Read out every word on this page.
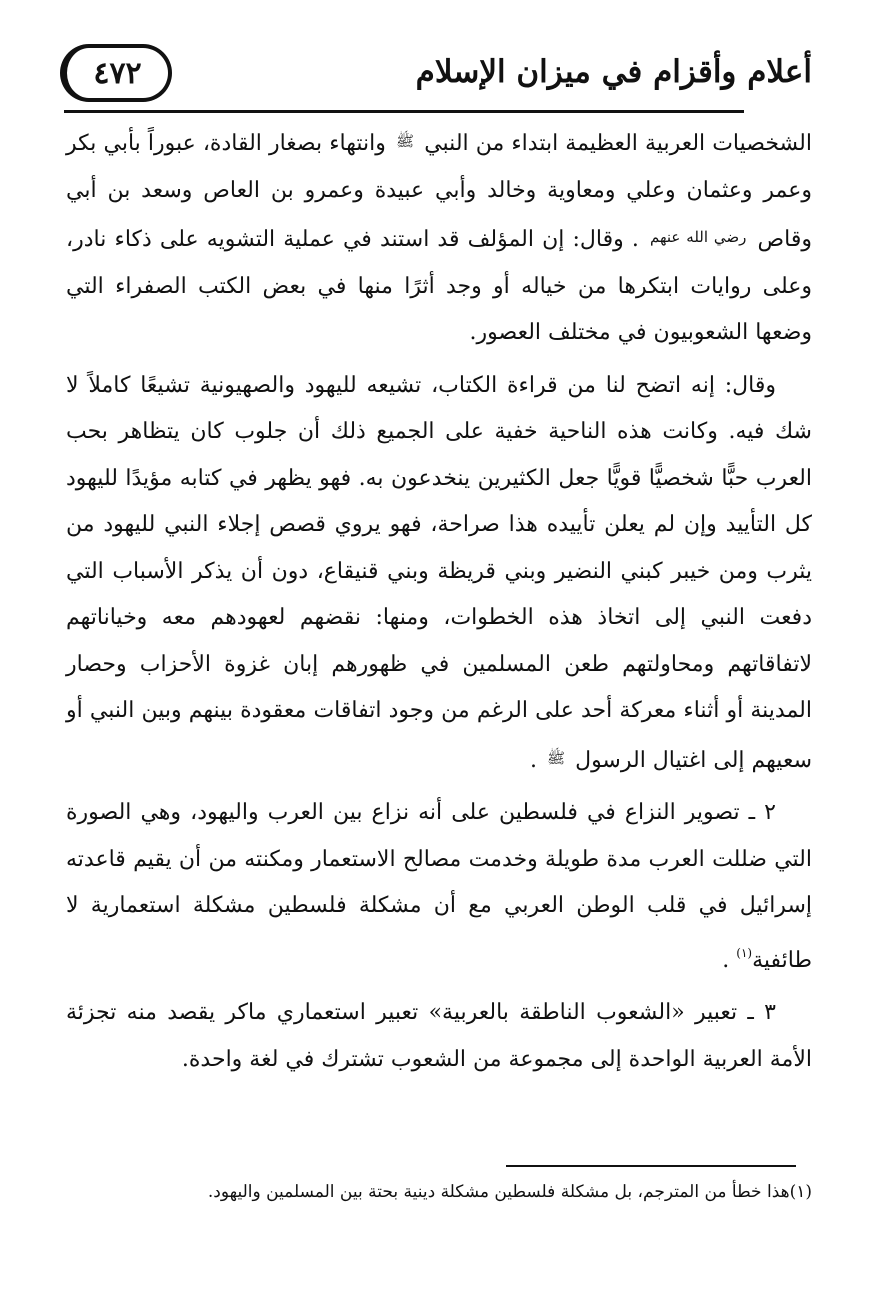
أعلام وأقزام في ميزان الإسلام
٤٧٢

الشخصيات العربية العظيمة ابتداء من النبي ﷺ وانتهاء بصغار القادة، عبوراً بأبي بكر وعمر وعثمان وعلي ومعاوية وخالد وأبي عبيدة وعمرو بن العاص وسعد بن أبي وقاص رضي الله عنهم . وقال: إن المؤلف قد استند في عملية التشويه على ذكاء نادر، وعلى روايات ابتكرها من خياله أو وجد أثرًا منها في بعض الكتب الصفراء التي وضعها الشعوبيون في مختلف العصور.

وقال: إنه اتضح لنا من قراءة الكتاب، تشيعه لليهود والصهيونية تشيعًا كاملاً لا شك فيه. وكانت هذه الناحية خفية على الجميع ذلك أن جلوب كان يتظاهر بحب العرب حبًّا شخصيًّا قويًّا جعل الكثيرين ينخدعون به. فهو يظهر في كتابه مؤيدًا لليهود كل التأييد وإن لم يعلن تأييده هذا صراحة، فهو يروي قصص إجلاء النبي لليهود من يثرب ومن خيبر كبني النضير وبني قريظة وبني قنيقاع، دون أن يذكر الأسباب التي دفعت النبي إلى اتخاذ هذه الخطوات، ومنها: نقضهم لعهودهم معه وخياناتهم لاتفاقاتهم ومحاولتهم طعن المسلمين في ظهورهم إبان غزوة الأحزاب وحصار المدينة أو أثناء معركة أحد على الرغم من وجود اتفاقات معقودة بينهم وبين النبي أو سعيهم إلى اغتيال الرسول ﷺ .

٢ ـ تصوير النزاع في فلسطين على أنه نزاع بين العرب واليهود، وهي الصورة التي ضللت العرب مدة طويلة وخدمت مصالح الاستعمار ومكنته من أن يقيم قاعدته إسرائيل في قلب الوطن العربي مع أن مشكلة فلسطين مشكلة استعمارية لا طائفية$^{(١)}$ .

٣ ـ تعبير «الشعوب الناطقة بالعربية» تعبير استعماري ماكر يقصد منه تجزئة الأمة العربية الواحدة إلى مجموعة من الشعوب تشترك في لغة واحدة.

(١)هذا خطأ من المترجم، بل مشكلة فلسطين مشكلة دينية بحتة بين المسلمين واليهود.
